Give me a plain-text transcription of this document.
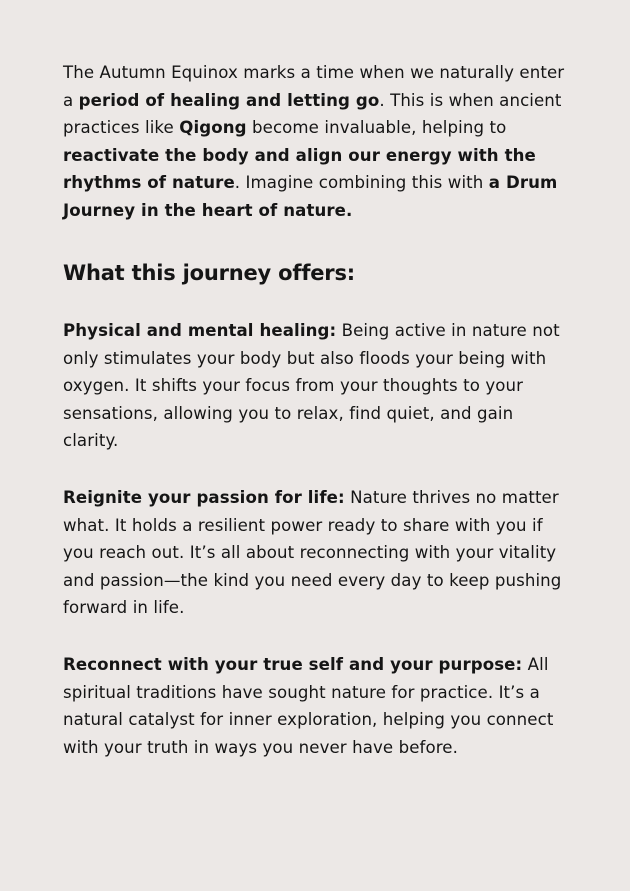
The Autumn Equinox marks a time when we naturally enter a period of healing and letting go. This is when ancient practices like Qigong become invaluable, helping to reactivate the body and align our energy with the rhythms of nature. Imagine combining this with a Drum Journey in the heart of nature.

What this journey offers:

Physical and mental healing: Being active in nature not only stimulates your body but also floods your being with oxygen. It shifts your focus from your thoughts to your sensations, allowing you to relax, find quiet, and gain clarity.

Reignite your passion for life: Nature thrives no matter what. It holds a resilient power ready to share with you if you reach out. It’s all about reconnecting with your vitality and passion—the kind you need every day to keep pushing forward in life.

Reconnect with your true self and your purpose: All spiritual traditions have sought nature for practice. It’s a natural catalyst for inner exploration, helping you connect with your truth in ways you never have before.
